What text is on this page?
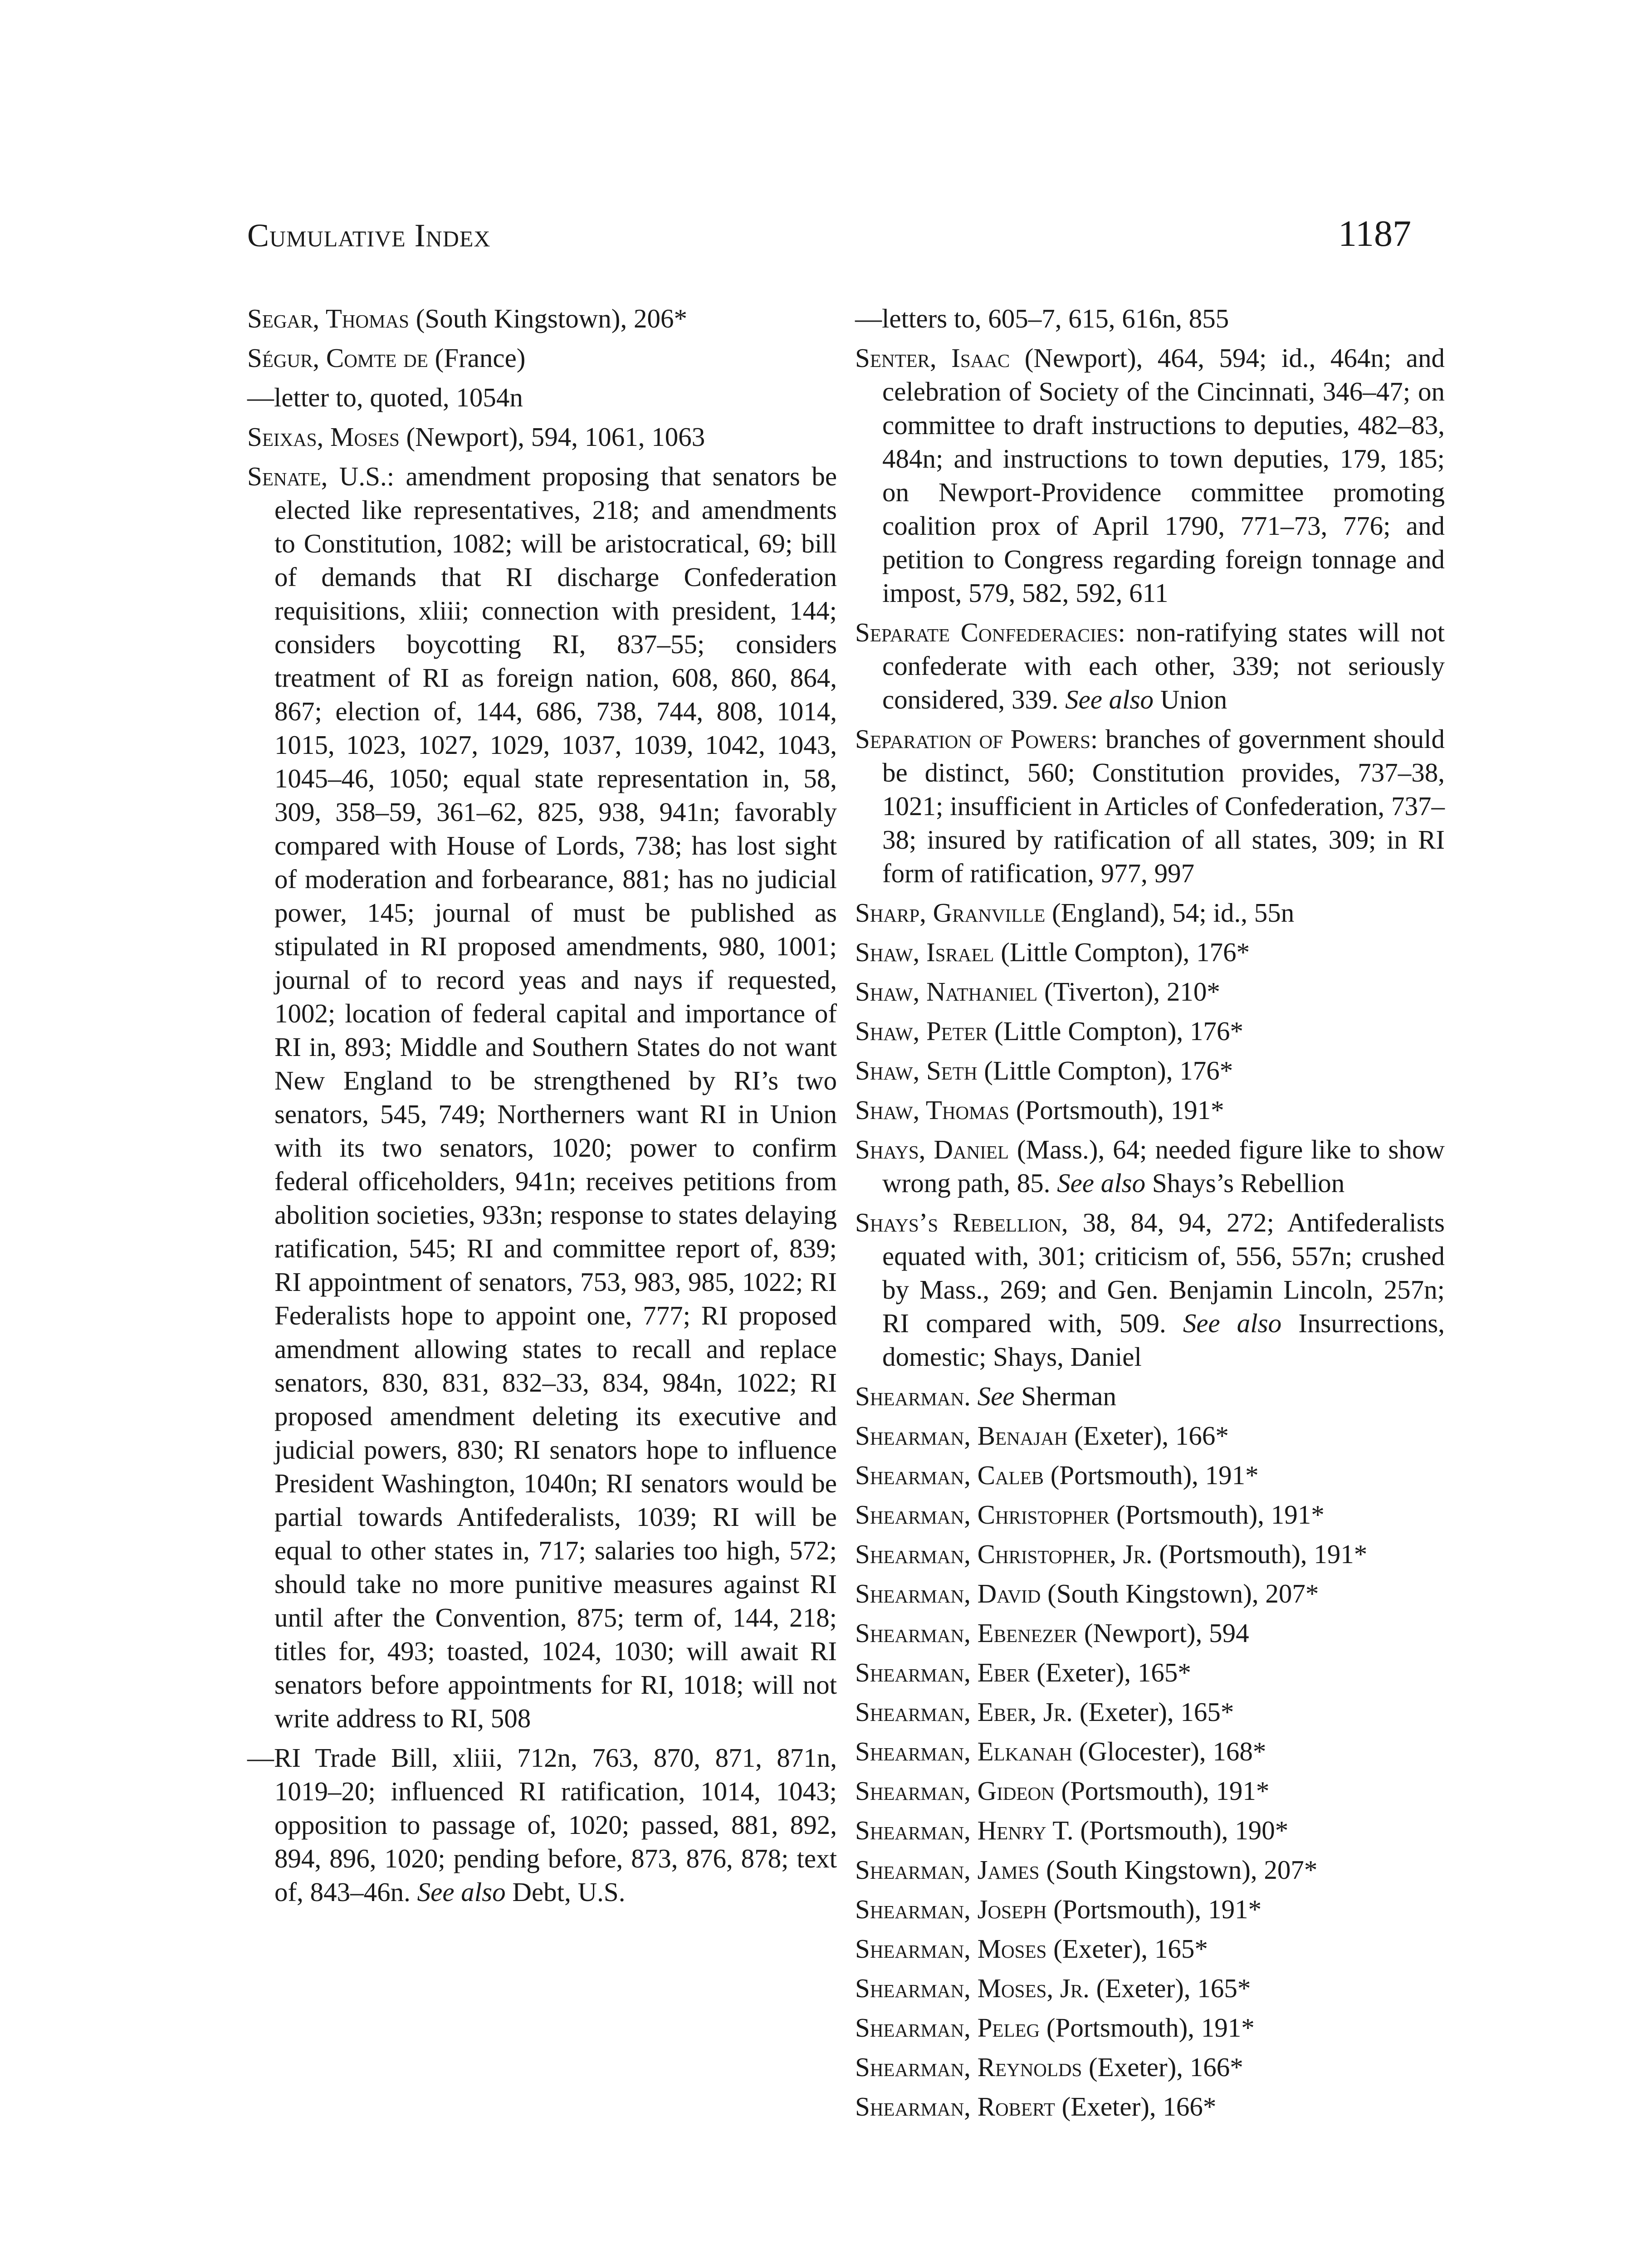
Cumulative Index	1187

Segar, Thomas (South Kingstown), 206*

Ségur, Comte de (France)

—letter to, quoted, 1054n

Seixas, Moses (Newport), 594, 1061, 1063

Senate, U.S.: amendment proposing that senators be elected like representatives, 218; and amendments to Constitution, 1082; will be aristocratical, 69; bill of demands that RI discharge Confederation requisitions, xliii; connection with president, 144; considers boycotting RI, 837–55; considers treatment of RI as foreign nation, 608, 860, 864, 867; election of, 144, 686, 738, 744, 808, 1014, 1015, 1023, 1027, 1029, 1037, 1039, 1042, 1043, 1045–46, 1050; equal state representation in, 58, 309, 358–59, 361–62, 825, 938, 941n; favorably compared with House of Lords, 738; has lost sight of moderation and forbearance, 881; has no judicial power, 145; journal of must be published as stipulated in RI proposed amendments, 980, 1001; journal of to record yeas and nays if requested, 1002; location of federal capital and importance of RI in, 893; Middle and Southern States do not want New England to be strengthened by RI’s two senators, 545, 749; Northerners want RI in Union with its two senators, 1020; power to confirm federal officeholders, 941n; receives petitions from abolition societies, 933n; response to states delaying ratification, 545; RI and committee report of, 839; RI appointment of senators, 753, 983, 985, 1022; RI Federalists hope to appoint one, 777; RI proposed amendment allowing states to recall and replace senators, 830, 831, 832–33, 834, 984n, 1022; RI proposed amendment deleting its executive and judicial powers, 830; RI senators hope to influence President Washington, 1040n; RI senators would be partial towards Antifederalists, 1039; RI will be equal to other states in, 717; salaries too high, 572; should take no more punitive measures against RI until after the Convention, 875; term of, 144, 218; titles for, 493; toasted, 1024, 1030; will await RI senators before appointments for RI, 1018; will not write address to RI, 508

—RI Trade Bill, xliii, 712n, 763, 870, 871, 871n, 1019–20; influenced RI ratification, 1014, 1043; opposition to passage of, 1020; passed, 881, 892, 894, 896, 1020; pending before, 873, 876, 878; text of, 843–46n. See also Debt, U.S.

—letters to, 605–7, 615, 616n, 855

Senter, Isaac (Newport), 464, 594; id., 464n; and celebration of Society of the Cincinnati, 346–47; on committee to draft instructions to deputies, 482–83, 484n; and instructions to town deputies, 179, 185; on Newport-Providence committee promoting coalition prox of April 1790, 771–73, 776; and petition to Congress regarding foreign tonnage and impost, 579, 582, 592, 611

Separate Confederacies: non-ratifying states will not confederate with each other, 339; not seriously considered, 339. See also Union

Separation of Powers: branches of government should be distinct, 560; Constitution provides, 737–38, 1021; insufficient in Articles of Confederation, 737–38; insured by ratification of all states, 309; in RI form of ratification, 977, 997

Sharp, Granville (England), 54; id., 55n

Shaw, Israel (Little Compton), 176*

Shaw, Nathaniel (Tiverton), 210*

Shaw, Peter (Little Compton), 176*

Shaw, Seth (Little Compton), 176*

Shaw, Thomas (Portsmouth), 191*

Shays, Daniel (Mass.), 64; needed figure like to show wrong path, 85. See also Shays’s Rebellion

Shays’s Rebellion, 38, 84, 94, 272; Antifederalists equated with, 301; criticism of, 556, 557n; crushed by Mass., 269; and Gen. Benjamin Lincoln, 257n; RI compared with, 509. See also Insurrections, domestic; Shays, Daniel

Shearman. See Sherman

Shearman, Benajah (Exeter), 166*

Shearman, Caleb (Portsmouth), 191*

Shearman, Christopher (Portsmouth), 191*

Shearman, Christopher, Jr. (Portsmouth), 191*

Shearman, David (South Kingstown), 207*

Shearman, Ebenezer (Newport), 594

Shearman, Eber (Exeter), 165*

Shearman, Eber, Jr. (Exeter), 165*

Shearman, Elkanah (Glocester), 168*

Shearman, Gideon (Portsmouth), 191*

Shearman, Henry T. (Portsmouth), 190*

Shearman, James (South Kingstown), 207*

Shearman, Joseph (Portsmouth), 191*

Shearman, Moses (Exeter), 165*

Shearman, Moses, Jr. (Exeter), 165*

Shearman, Peleg (Portsmouth), 191*

Shearman, Reynolds (Exeter), 166*

Shearman, Robert (Exeter), 166*
